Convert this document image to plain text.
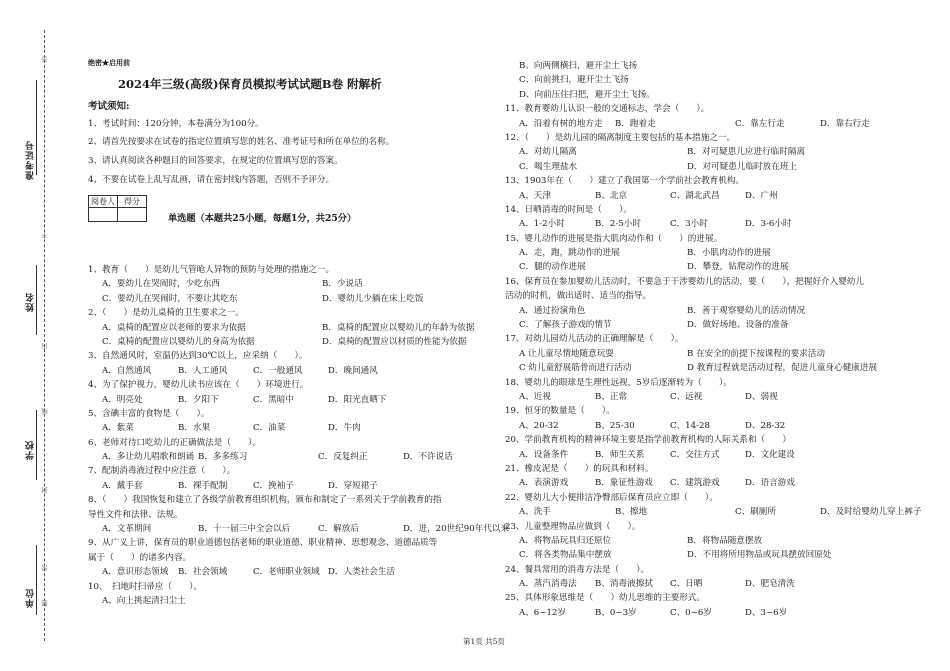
答
不
内
线
封
密
题
准考证号
姓名
学校
单位
绝密★启用前
2024年三级(高级)保育员模拟考试试题B卷 附解析
考试须知:
1、考试时间：120分钟，本卷满分为100分。
2、请首先按要求在试卷的指定位置填写您的姓名、准考证号和所在单位的名称。
3、请认真阅读各种题目的回答要求，在规定的位置填写您的答案。
4、不要在试卷上乱写乱画，请在密封线内答题，否则不予评分。
阅卷人	得分

单选题（本题共25小题，每题1分，共25分）
1、教育（　　）是幼儿气管呛人异物的预防与处理的措施之一。
A．要幼儿在哭闹时，少吃东西	B．少说话
C．要幼儿在哭闹时，不要让其吃东	D．婴幼儿少躺在床上吃饭
2、（　　）是幼儿桌椅的卫生要求之一。
A．桌椅的配置应以老师的要求为依据	B．桌椅的配置应以婴幼儿的年龄为依据
C．桌椅的配置应以婴幼儿的身高为依据	D．桌椅的配置应以材质的性能为依据
3、自然通风时，室温仍达到30℃以上，应采纳（　　）。
A．自然通风	B．人工通风	C．一般通风	D．晚间通风
4、为了保护视力，婴幼儿读书应该在（　　）环境进行。
A．明亮处	B．夕阳下	C．黑暗中	D．阳光直晒下
5、含碘丰富的食物是（　　）。
A．紫菜	B．水果	C．油菜	D．牛肉
6、老师对待口吃幼儿的正确做法是（　　）。
A．多让幼儿唱歌和朗诵 B．多多练习	C．反复纠正	D．不许说话
7、配制消毒液过程中应注意（　　）。
A．戴手套	B．裸手配制	C．挽袖子	D．穿短裙子
8、（　　）我国恢复和建立了各级学前教育组织机构，颁布和制定了一系列关于学前教育的指
导性文件和法律、法规。
A．文革期间	B．十一届三中全会以后	C．解放后	D．进，20世纪90年代以来
9、从广义上讲，保育员的职业道德包括老师的职业道德、职业精神、思想观念、道德品质等
属于（　　）的诸多内容。
A．意识形态领域 B．社会领域	C．老师职业领域 D．人类社会生活
10、　扫地时扫帚应（　　）。
A、向上挑起清扫尘土
B、向两侧横扫，避开尘土飞扬
C、向前挑扫，避开尘土飞扬
D、向前压住扫把，避开尘土飞扬。
11、教育婴幼儿认识一般的交通标志，学会（　　）。
A．沿着有树的地方走 B．跑着走	C．靠左行走	D．靠右行走
12、（　　）是幼儿园的隔离制度主要包括的基本措施之一。
A．对幼儿隔离	B．对可疑患儿应进行临时隔离
C．喝生理盐水	D．对可疑患儿临时放在班上
13、1903年在（　　）建立了我国第一个学前社会教育机构。
A、天津	B、北京	C、湖北武昌	D、广州
14、日晒消毒的时间是（　　）。
A．1-2小时	B．2-5小时	C．3小时	D．3-6小时
15、婴儿动作的进展是指大肌肉动作和（　　）的进展。
A．走，跑，跳动作的进展	B．小肌肉动作的进展
C．腿的动作进展	D．攀登，钻爬动作的进展
16、保育员在参加婴幼儿活动时，不要急于干涉婴幼儿的活动，要（　　），把握好介入婴幼儿
活动的时机，做出适时、适当的指导。
A．通过扮演角色	B．善于观察婴幼儿的活动情况
C．了解孩子游戏的情节	D．做好场地、设备的准备
17、对幼儿园幼儿活动的正确理解是（　　）。
A 让儿童尽情地随意玩耍	B 在安全的前提下按课程的要求活动
C 幼儿童舒展筋骨而进行活动	D 教育过程就是活动过程，促进儿童身心健康进展
18、婴幼儿的眼球是生理性远视，5岁后逐渐转为（　　）。
A、近视	B、正常	C、远视	D、弱视
19、恒牙的数量是（　　）。
A、20-32	B、25-30	C、14-28	D、28-32
20、学前教育机构的精神环境主要是指学前教育机构的人际关系和（　　）
A．设备条件	B．师生关系	C．交往方式	D．文化建设
21、橡皮泥是（　　）的玩具和材料。
A．表演游戏	B．象征性游戏 C．建筑游戏	D．语言游戏
22、婴幼儿大小便排洁净臀部后保育员应立即（　　）。
A、洗手	B、擦地	C、刷厕所	D、及时给婴幼儿穿上裤子
23、儿童整理物品应做到（　　）。
A．将物品玩具归还原位	B．将物品随意摆放
C．将各类物品集中摆放	D．不用将所用物品或玩具摆放回原处
24、餐具常用的消毒方法是（　　）。
A．蒸汽消毒法 B、消毒液擦拭 C、日晒	D、肥皂清洗
25、具体形象思维是（　　）幼儿思维的主要形式。
A、6~12岁	B、0~3岁	C、0~6岁	D、3~6岁
第1页 共5页
